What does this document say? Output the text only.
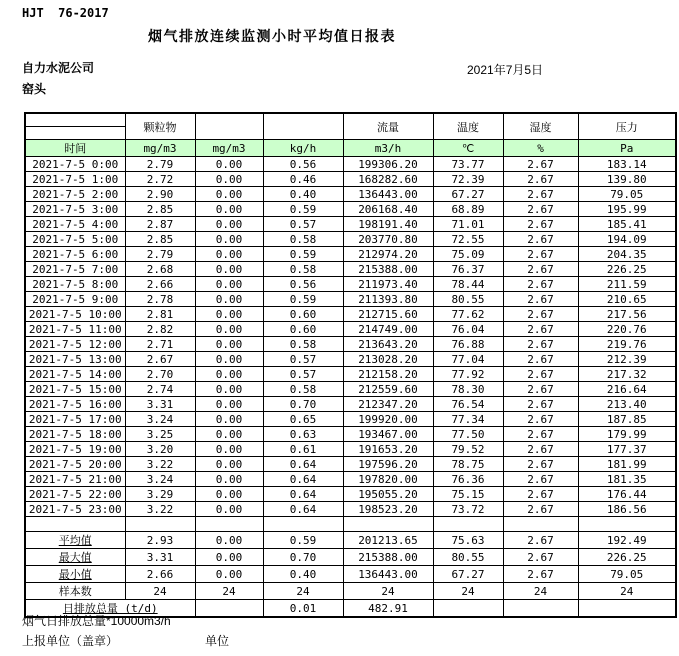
HJT  76-2017
烟气排放连续监测小时平均值日报表
自力水泥公司	2021年7月5日
窑头
	颗粒物			流量	温度	湿度	压力

时间	mg/m3	mg/m3	kg/h	m3/h	℃	%	Pa
2021-7-5 0:00	2.79	0.00	0.56	199306.20	73.77	2.67	183.14
2021-7-5 1:00	2.72	0.00	0.46	168282.60	72.39	2.67	139.80
2021-7-5 2:00	2.90	0.00	0.40	136443.00	67.27	2.67	79.05
2021-7-5 3:00	2.85	0.00	0.59	206168.40	68.89	2.67	195.99
2021-7-5 4:00	2.87	0.00	0.57	198191.40	71.01	2.67	185.41
2021-7-5 5:00	2.85	0.00	0.58	203770.80	72.55	2.67	194.09
2021-7-5 6:00	2.79	0.00	0.59	212974.20	75.09	2.67	204.35
2021-7-5 7:00	2.68	0.00	0.58	215388.00	76.37	2.67	226.25
2021-7-5 8:00	2.66	0.00	0.56	211973.40	78.44	2.67	211.59
2021-7-5 9:00	2.78	0.00	0.59	211393.80	80.55	2.67	210.65
2021-7-5 10:00	2.81	0.00	0.60	212715.60	77.62	2.67	217.56
2021-7-5 11:00	2.82	0.00	0.60	214749.00	76.04	2.67	220.76
2021-7-5 12:00	2.71	0.00	0.58	213643.20	76.88	2.67	219.76
2021-7-5 13:00	2.67	0.00	0.57	213028.20	77.04	2.67	212.39
2021-7-5 14:00	2.70	0.00	0.57	212158.20	77.92	2.67	217.32
2021-7-5 15:00	2.74	0.00	0.58	212559.60	78.30	2.67	216.64
2021-7-5 16:00	3.31	0.00	0.70	212347.20	76.54	2.67	213.40
2021-7-5 17:00	3.24	0.00	0.65	199920.00	77.34	2.67	187.85
2021-7-5 18:00	3.25	0.00	0.63	193467.00	77.50	2.67	179.99
2021-7-5 19:00	3.20	0.00	0.61	191653.20	79.52	2.67	177.37
2021-7-5 20:00	3.22	0.00	0.64	197596.20	78.75	2.67	181.99
2021-7-5 21:00	3.24	0.00	0.64	197820.00	76.36	2.67	181.35
2021-7-5 22:00	3.29	0.00	0.64	195055.20	75.15	2.67	176.44
2021-7-5 23:00	3.22	0.00	0.64	198523.20	73.72	2.67	186.56

平均值	2.93	0.00	0.59	201213.65	75.63	2.67	192.49
最大值	3.31	0.00	0.70	215388.00	80.55	2.67	226.25
最小值	2.66	0.00	0.40	136443.00	67.27	2.67	79.05
样本数	24	24	24	24	24	24	24
日排放总量 (t/d)			0.01	482.91			
烟气日排放总量*10000m3/h
上报单位（盖章）	单位
